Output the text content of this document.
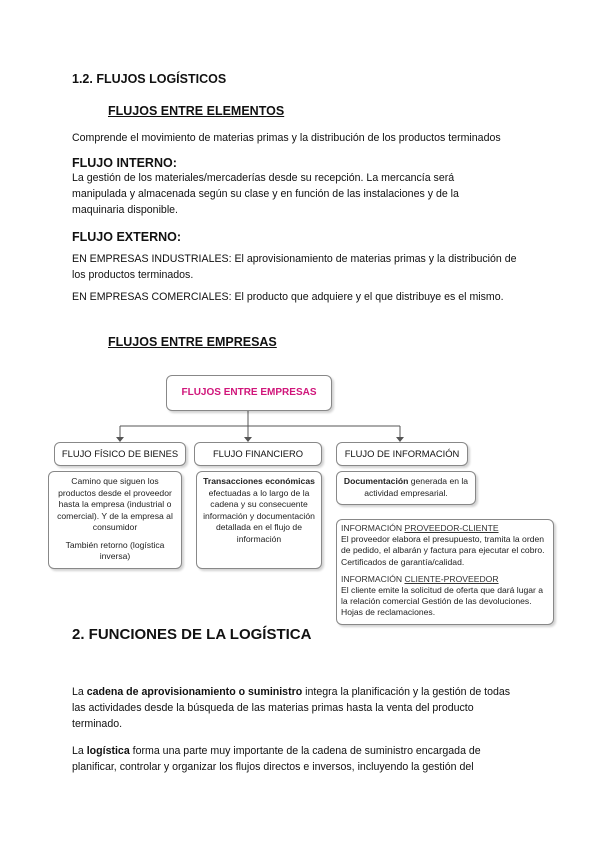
1.2. FLUJOS LOGÍSTICOS
FLUJOS ENTRE ELEMENTOS
Comprende el movimiento de materias primas y la distribución de los productos terminados
FLUJO INTERNO:
La gestión de los materiales/mercaderías desde su recepción. La mercancía será manipulada y almacenada según su clase y en función de las instalaciones y de la maquinaria disponible.
FLUJO EXTERNO:
EN EMPRESAS INDUSTRIALES: El aprovisionamiento de materias primas y la distribución de los productos terminados.
EN EMPRESAS COMERCIALES: El producto que adquiere y el que distribuye es el mismo.
FLUJOS ENTRE EMPRESAS
FLUJOS ENTRE EMPRESAS
FLUJO FÍSICO DE BIENES	FLUJO FINANCIERO	FLUJO DE INFORMACIÓN
Camino que siguen los productos desde el proveedor hasta la empresa (industrial o comercial). Y de la empresa al consumidor
También retorno (logística inversa)
Transacciones económicas efectuadas a lo largo de la cadena y su consecuente información y documentación detallada en el flujo de información
Documentación generada en la actividad empresarial.
INFORMACIÓN PROVEEDOR-CLIENTE
El proveedor elabora el presupuesto, tramita la orden de pedido, el albarán y factura para ejecutar el cobro. Certificados de garantía/calidad.
INFORMACIÓN CLIENTE-PROVEEDOR
El cliente emite la solicitud de oferta que dará lugar a la relación comercial Gestión de las devoluciones. Hojas de reclamaciones.
2. FUNCIONES DE LA LOGÍSTICA
La cadena de aprovisionamiento o suministro integra la planificación y la gestión de todas las actividades desde la búsqueda de las materias primas hasta la venta del producto terminado.
La logística forma una parte muy importante de la cadena de suministro encargada de planificar, controlar y organizar los flujos directos e inversos, incluyendo la gestión del
